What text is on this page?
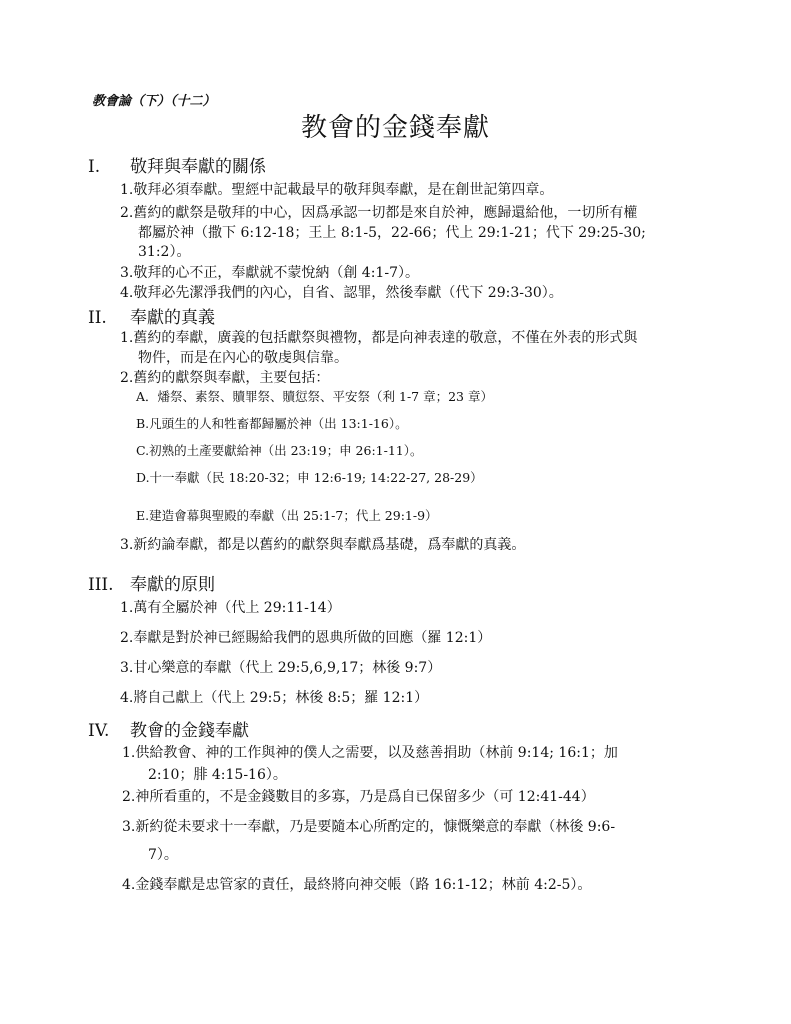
教會論（下）（十二）
教會的金錢奉獻
I. 敬拜與奉獻的關係
1.敬拜必須奉獻。聖經中記載最早的敬拜與奉獻，是在創世記第四章。
2.舊約的獻祭是敬拜的中心，因爲承認一切都是來自於神，應歸還給他，一切所有權
都屬於神（撒下 6:12-18；王上 8:1-5，22-66；代上 29:1-21；代下 29:25-30;
31:2）。
3.敬拜的心不正，奉獻就不蒙悅納（創 4:1-7）。
4.敬拜必先潔淨我們的內心，自省、認罪，然後奉獻（代下 29:3-30）。
II. 奉獻的真義
1.舊約的奉獻，廣義的包括獻祭與禮物，都是向神表達的敬意，不僅在外表的形式與
物件，而是在內心的敬虔與信靠。
2.舊約的獻祭與奉獻，主要包括：
A．燔祭、素祭、贖罪祭、贖愆祭、平安祭（利 1-7 章；23 章）
B.凡頭生的人和牲畜都歸屬於神（出 13:1-16）。
C.初熟的土產要獻給神（出 23:19；申 26:1-11）。
D.十一奉獻（民 18:20-32；申 12:6-19; 14:22-27, 28-29）
E.建造會幕與聖殿的奉獻（出 25:1-7；代上 29:1-9）
3.新約論奉獻，都是以舊約的獻祭與奉獻爲基礎，爲奉獻的真義。
III. 奉獻的原則
1.萬有全屬於神（代上 29:11-14）
2.奉獻是對於神已經賜給我們的恩典所做的回應（羅 12:1）
3.甘心樂意的奉獻（代上 29:5,6,9,17；林後 9:7）
4.將自己獻上（代上 29:5；林後 8:5；羅 12:1）
IV. 教會的金錢奉獻
1.供給教會、神的工作與神的僕人之需要，以及慈善捐助（林前 9:14; 16:1；加
2:10；腓 4:15-16）。
2.神所看重的，不是金錢數目的多寡，乃是爲自已保留多少（可 12:41-44）
3.新約從未要求十一奉獻，乃是要隨本心所酌定的，慷慨樂意的奉獻（林後 9:6-
7）。
4.金錢奉獻是忠管家的責任，最終將向神交帳（路 16:1-12；林前 4:2-5）。
